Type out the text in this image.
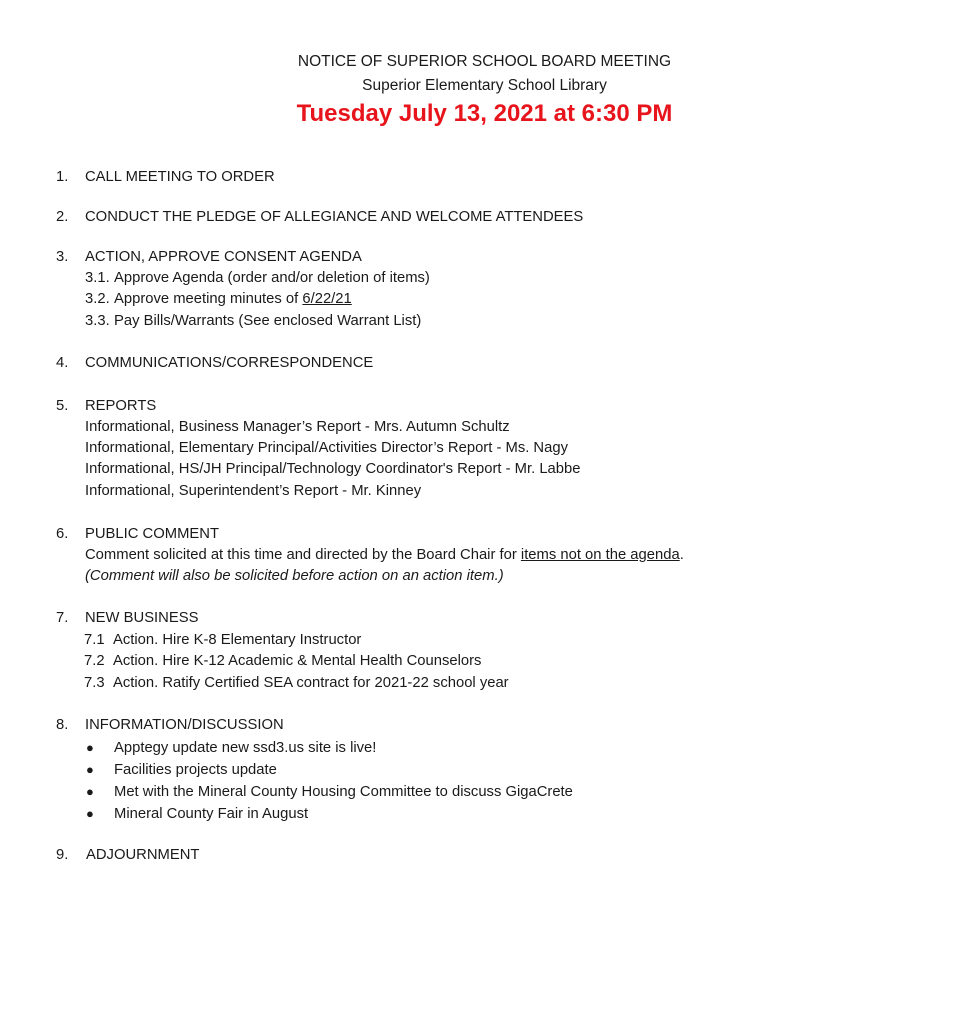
NOTICE OF SUPERIOR SCHOOL BOARD MEETING
Superior Elementary School Library
Tuesday July 13, 2021 at 6:30 PM
1. CALL MEETING TO ORDER
2. CONDUCT THE PLEDGE OF ALLEGIANCE AND WELCOME ATTENDEES
3. ACTION, APPROVE CONSENT AGENDA
3.1. Approve Agenda (order and/or deletion of items)
3.2. Approve meeting minutes of 6/22/21
3.3. Pay Bills/Warrants (See enclosed Warrant List)
4. COMMUNICATIONS/CORRESPONDENCE
5. REPORTS
Informational, Business Manager’s Report - Mrs. Autumn Schultz
Informational, Elementary Principal/Activities Director’s Report - Ms. Nagy
Informational, HS/JH Principal/Technology Coordinator's Report - Mr. Labbe
Informational, Superintendent’s Report - Mr. Kinney
6. PUBLIC COMMENT
Comment solicited at this time and directed by the Board Chair for items not on the agenda.
(Comment will also be solicited before action on an action item.)
7. NEW BUSINESS
7.1 Action. Hire K-8 Elementary Instructor
7.2 Action. Hire K-12 Academic & Mental Health Counselors
7.3 Action. Ratify Certified SEA contract for 2021-22 school year
8. INFORMATION/DISCUSSION
● Apptegy update new ssd3.us site is live!
● Facilities projects update
● Met with the Mineral County Housing Committee to discuss GigaCrete
● Mineral County Fair in August
9. ADJOURNMENT
